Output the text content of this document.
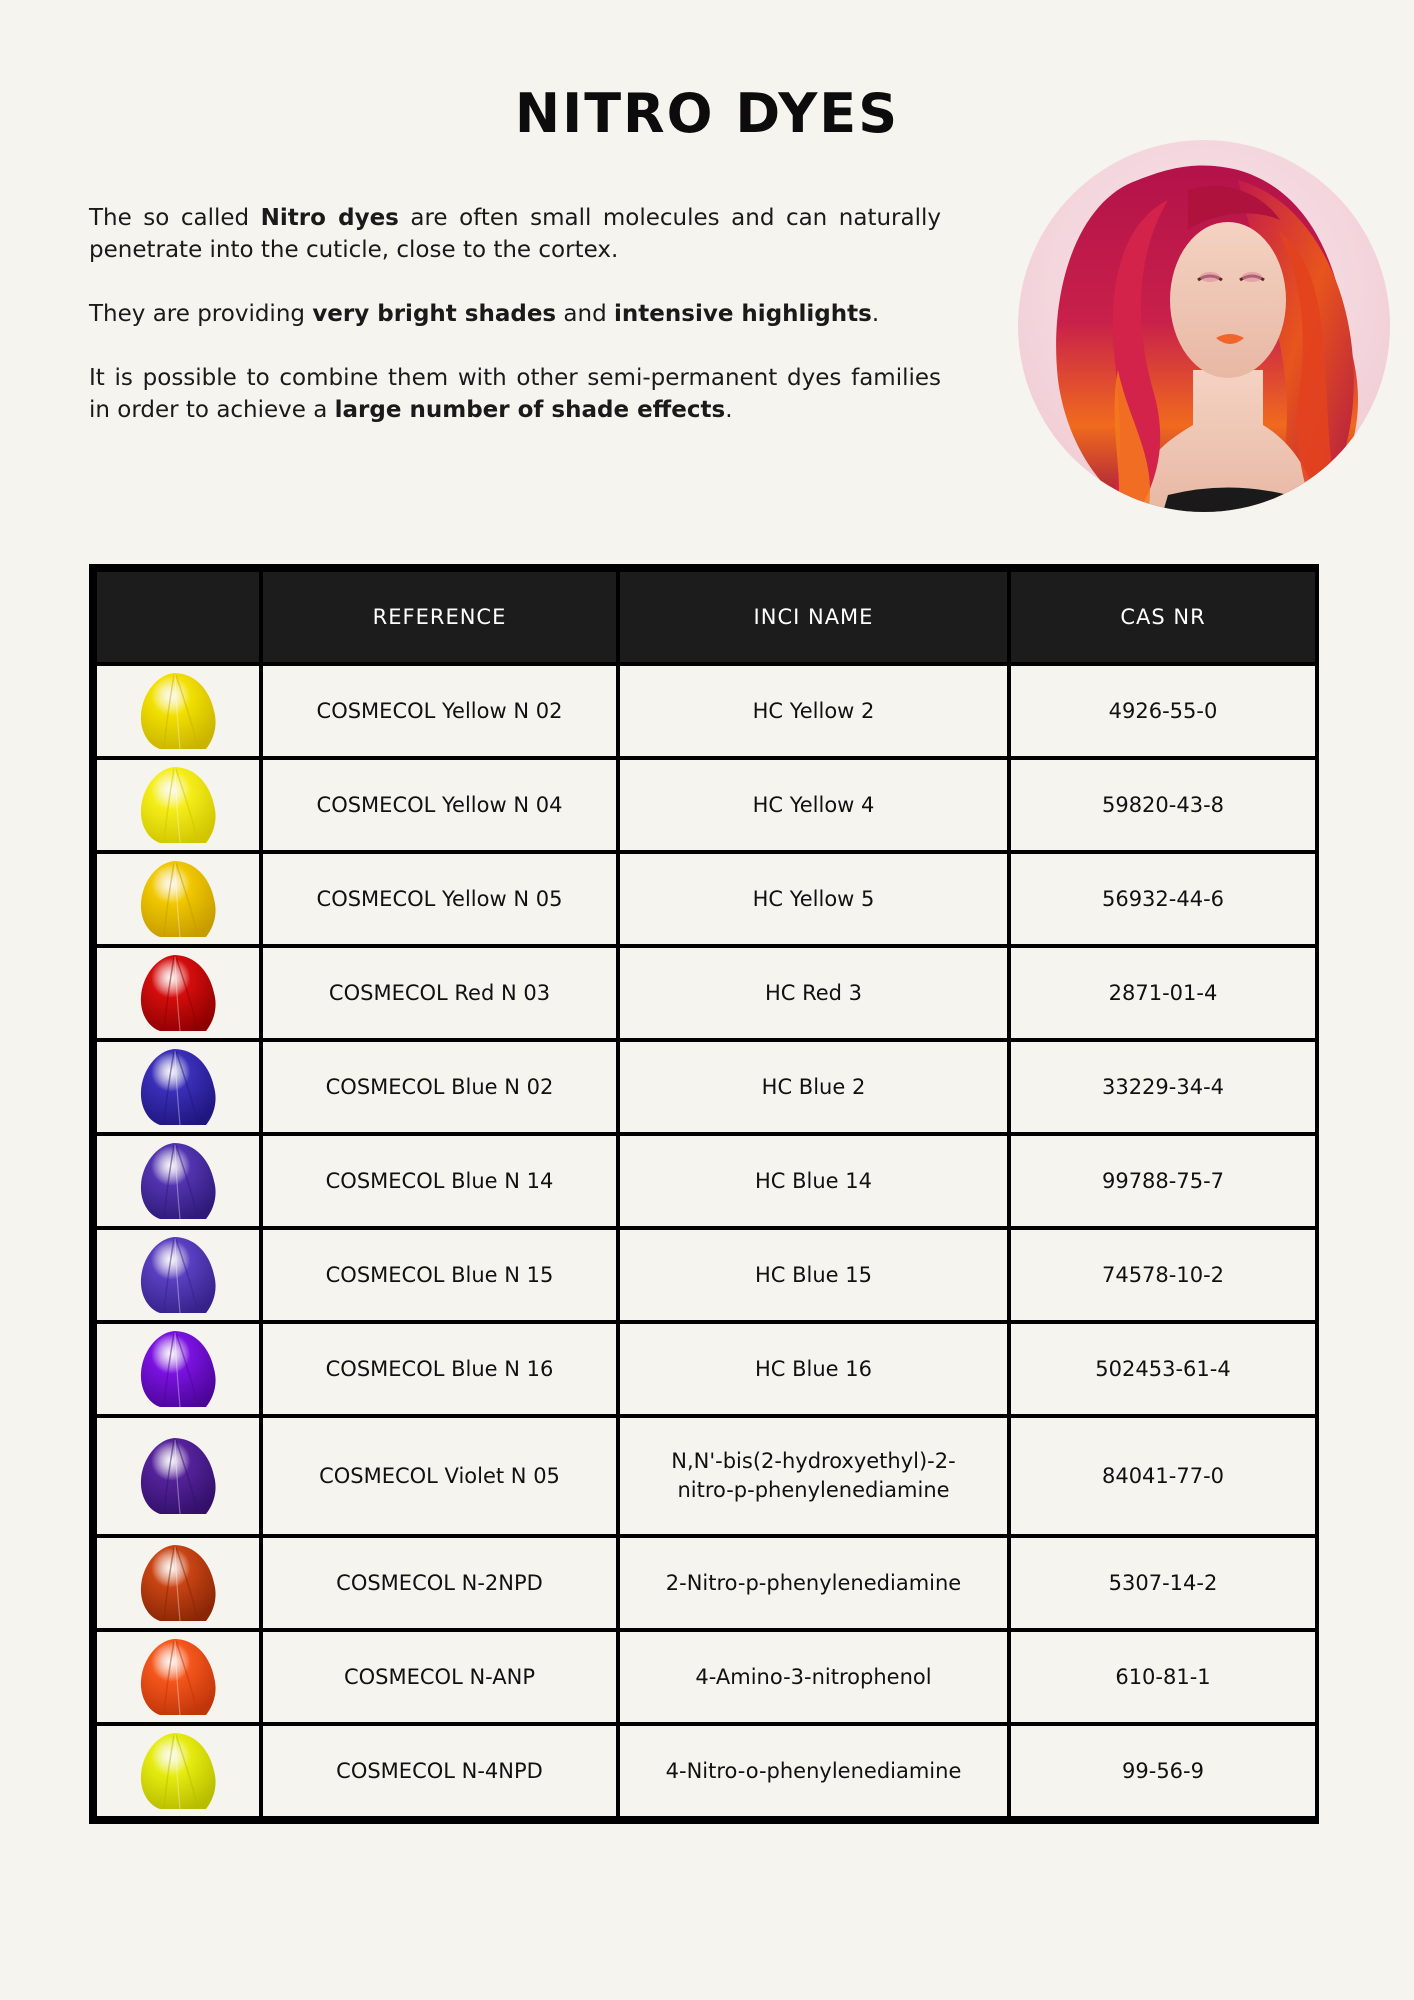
NITRO DYES

The so called Nitro dyes are often small molecules and can naturally penetrate into the cuticle, close to the cortex.

They are providing very bright shades and intensive highlights.

It is possible to combine them with other semi-permanent dyes families in order to achieve a large number of shade effects.

	REFERENCE	INCI NAME	CAS NR

	COSMECOL Yellow N 02	HC Yellow 2	4926-55-0

	COSMECOL Yellow N 04	HC Yellow 4	59820-43-8

	COSMECOL Yellow N 05	HC Yellow 5	56932-44-6

	COSMECOL Red N 03	HC Red 3	2871-01-4

	COSMECOL Blue N 02	HC Blue 2	33229-34-4

	COSMECOL Blue N 14	HC Blue 14	99788-75-7

	COSMECOL Blue N 15	HC Blue 15	74578-10-2

	COSMECOL Blue N 16	HC Blue 16	502453-61-4

	COSMECOL Violet N 05	N,N'-bis(2-hydroxyethyl)-2-nitro-p-phenylenediamine	84041-77-0

	COSMECOL N-2NPD	2-Nitro-p-phenylenediamine	5307-14-2

	COSMECOL N-ANP	4-Amino-3-nitrophenol	610-81-1

	COSMECOL N-4NPD	4-Nitro-o-phenylenediamine	99-56-9
